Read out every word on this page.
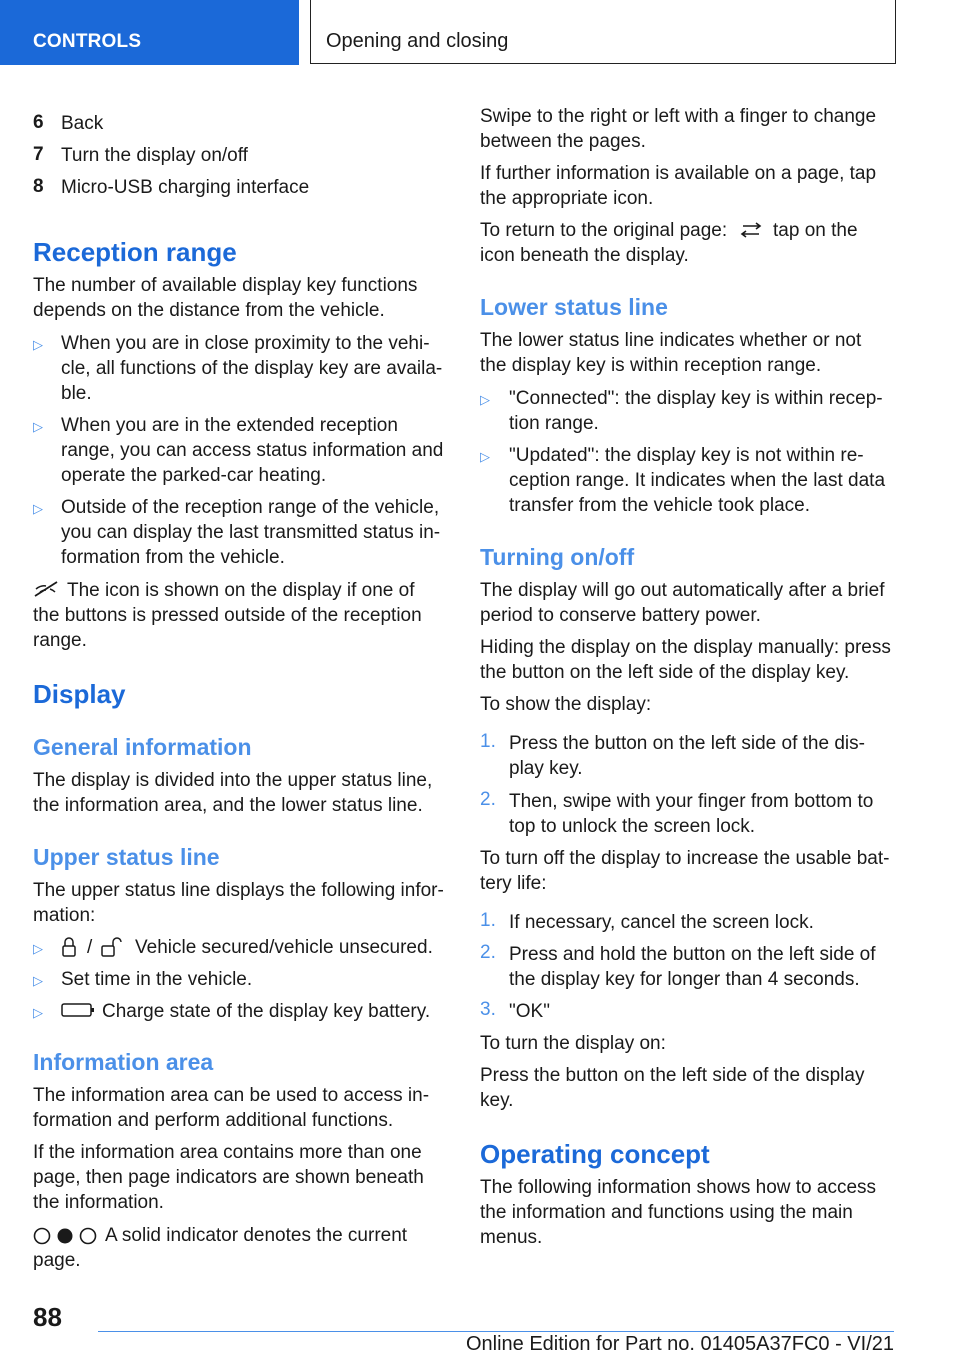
CONTROLS	Opening and closing
6 Back
7 Turn the display on/off
8 Micro-USB charging interface
Reception range
The number of available display key functions
depends on the distance from the vehicle.
▷ When you are in close proximity to the vehi-
cle, all functions of the display key are availa-
ble.
▷ When you are in the extended reception
range, you can access status information and
operate the parked-car heating.
▷ Outside of the reception range of the vehicle,
you can display the last transmitted status in-
formation from the vehicle.
The icon is shown on the display if one of
the buttons is pressed outside of the reception
range.
Display
General information
The display is divided into the upper status line,
the information area, and the lower status line.
Upper status line
The upper status line displays the following infor-
mation:
▷ / Vehicle secured/vehicle unsecured.
▷ Set time in the vehicle.
▷	Charge state of the display key battery.
Information area
The information area can be used to access in-
formation and perform additional functions.
If the information area contains more than one
page, then page indicators are shown beneath
the information.
A solid indicator denotes the current
page.
Swipe to the right or left with a finger to change
between the pages.
If further information is available on a page, tap
the appropriate icon.
To return to the original page: tap on the
icon beneath the display.
Lower status line
The lower status line indicates whether or not
the display key is within reception range.
▷ "Connected": the display key is within recep-
tion range.
▷ "Updated": the display key is not within re-
ception range. It indicates when the last data
transfer from the vehicle took place.
Turning on/off
The display will go out automatically after a brief
period to conserve battery power.
Hiding the display on the display manually: press
the button on the left side of the display key.
To show the display:
1. Press the button on the left side of the dis-
play key.
2. Then, swipe with your finger from bottom to
top to unlock the screen lock.
To turn off the display to increase the usable bat-
tery life:
1. If necessary, cancel the screen lock.
2. Press and hold the button on the left side of
the display key for longer than 4 seconds.
3. "OK"
To turn the display on:
Press the button on the left side of the display
key.
Operating concept
The following information shows how to access
the information and functions using the main
menus.
88
Online Edition for Part no. 01405A37FC0 - VI/21
